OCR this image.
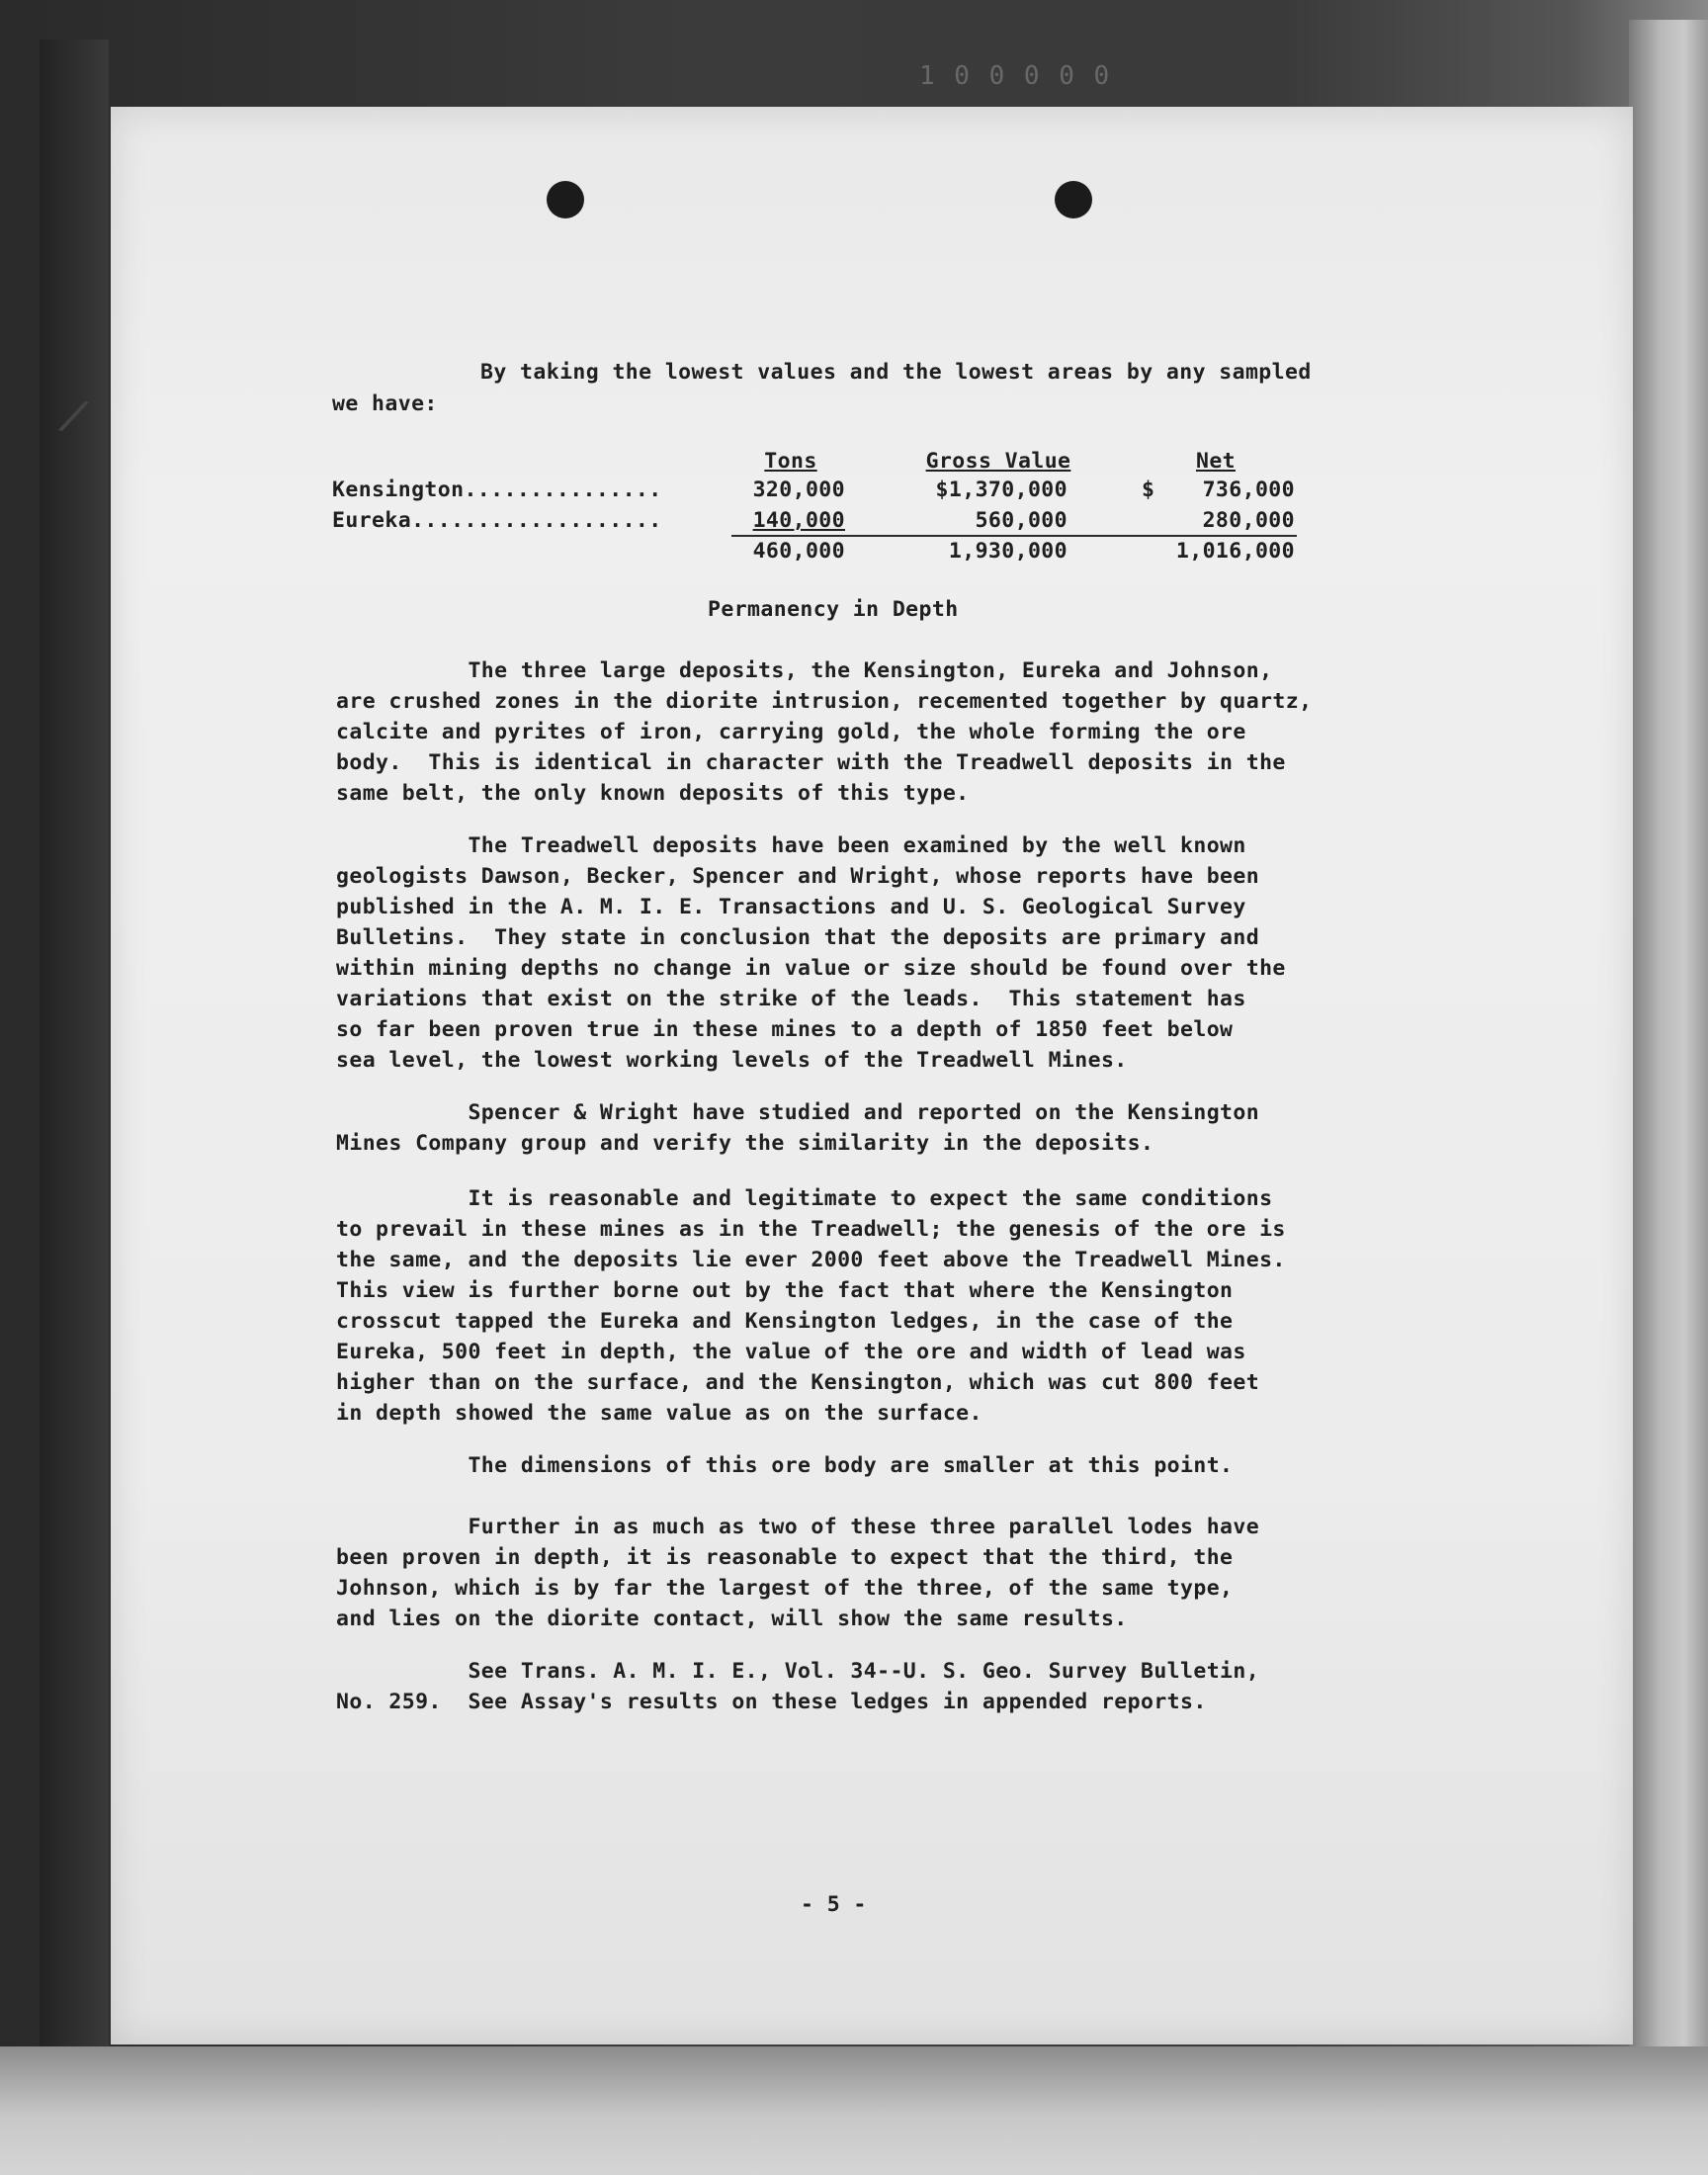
1 0 0 0 0 0
/
By taking the lowest values and the lowest areas by any sampled
we have:
Tons	Gross Value	Net
Kensington...............	320,000	$1,370,000	$	736,000
Eureka...................	140,000	560,000	280,000
460,000	1,930,000	1,016,000
Permanency in Depth
The three large deposits, the Kensington, Eureka and Johnson,
are crushed zones in the diorite intrusion, recemented together by quartz,
calcite and pyrites of iron, carrying gold, the whole forming the ore
body.  This is identical in character with the Treadwell deposits in the
same belt, the only known deposits of this type.
The Treadwell deposits have been examined by the well known
geologists Dawson, Becker, Spencer and Wright, whose reports have been
published in the A. M. I. E. Transactions and U. S. Geological Survey
Bulletins.  They state in conclusion that the deposits are primary and
within mining depths no change in value or size should be found over the
variations that exist on the strike of the leads.  This statement has
so far been proven true in these mines to a depth of 1850 feet below
sea level, the lowest working levels of the Treadwell Mines.
Spencer & Wright have studied and reported on the Kensington
Mines Company group and verify the similarity in the deposits.
It is reasonable and legitimate to expect the same conditions
to prevail in these mines as in the Treadwell; the genesis of the ore is
the same, and the deposits lie ever 2000 feet above the Treadwell Mines.
This view is further borne out by the fact that where the Kensington
crosscut tapped the Eureka and Kensington ledges, in the case of the
Eureka, 500 feet in depth, the value of the ore and width of lead was
higher than on the surface, and the Kensington, which was cut 800 feet
in depth showed the same value as on the surface.
The dimensions of this ore body are smaller at this point.
Further in as much as two of these three parallel lodes have
been proven in depth, it is reasonable to expect that the third, the
Johnson, which is by far the largest of the three, of the same type,
and lies on the diorite contact, will show the same results.
See Trans. A. M. I. E., Vol. 34--U. S. Geo. Survey Bulletin,
No. 259.  See Assay's results on these ledges in appended reports.
- 5 -
